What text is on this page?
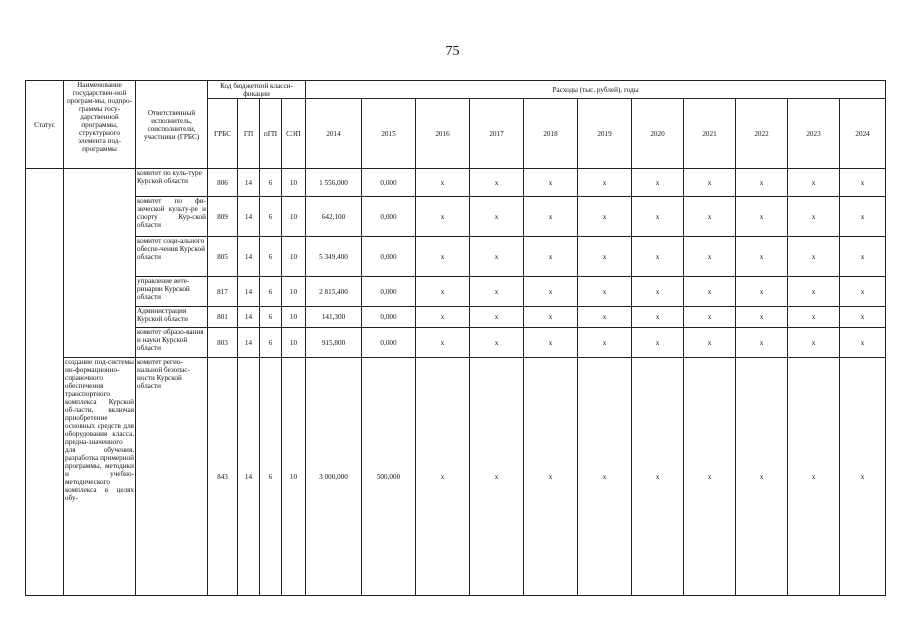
75
Статус	Наименование государствен-ной програм-мы, подпро-граммы госу-дарственной программы, структурного элемента под-программы	Ответственный исполнитель, соисполнители, участники (ГРБС)	Код бюджетной класси-фикации				Расходы (тыс. рублей), годы										
			ГРБС	ГП	пГП	СЭП	2014	2015	2016	2017	2018	2019	2020	2021	2022	2023	2024
		комитет по куль-туре Курской области	806	14	6	10	1 556,000	0,000	x	x	x	x	x	x	x	x	x
		комитет по фи-зической культу-ре и спорту Кур-ской области	809	14	6	10	642,100	0,000	x	x	x	x	x	x	x	x	x
		комитет соци-ального обеспе-чения Курской области	805	14	6	10	5 349,400	0,000	x	x	x	x	x	x	x	x	x
		управление вете-ринарии Курской области	817	14	6	10	2 815,400	0,000	x	x	x	x	x	x	x	x	x
		Администрация Курской области	801	14	6	10	141,300	0,000	x	x	x	x	x	x	x	x	x
		комитет образо-вания и науки Курской области	803	14	6	10	915,800	0,000	x	x	x	x	x	x	x	x	x
	создание под-системы ин-формационно-справочного обеспечения транспортного комплекса Курской об-ласти, включая приобретение основных средств для оборудования класса, предна-значенного для обучения, разработка примерной программы, методики и учебно-методического комплекса в целях обу-	комитет регио-нальной безопас-ности Курской области	843	14	6	10	3 000,000	500,000	x	x	x	x	x	x	x	x	x
